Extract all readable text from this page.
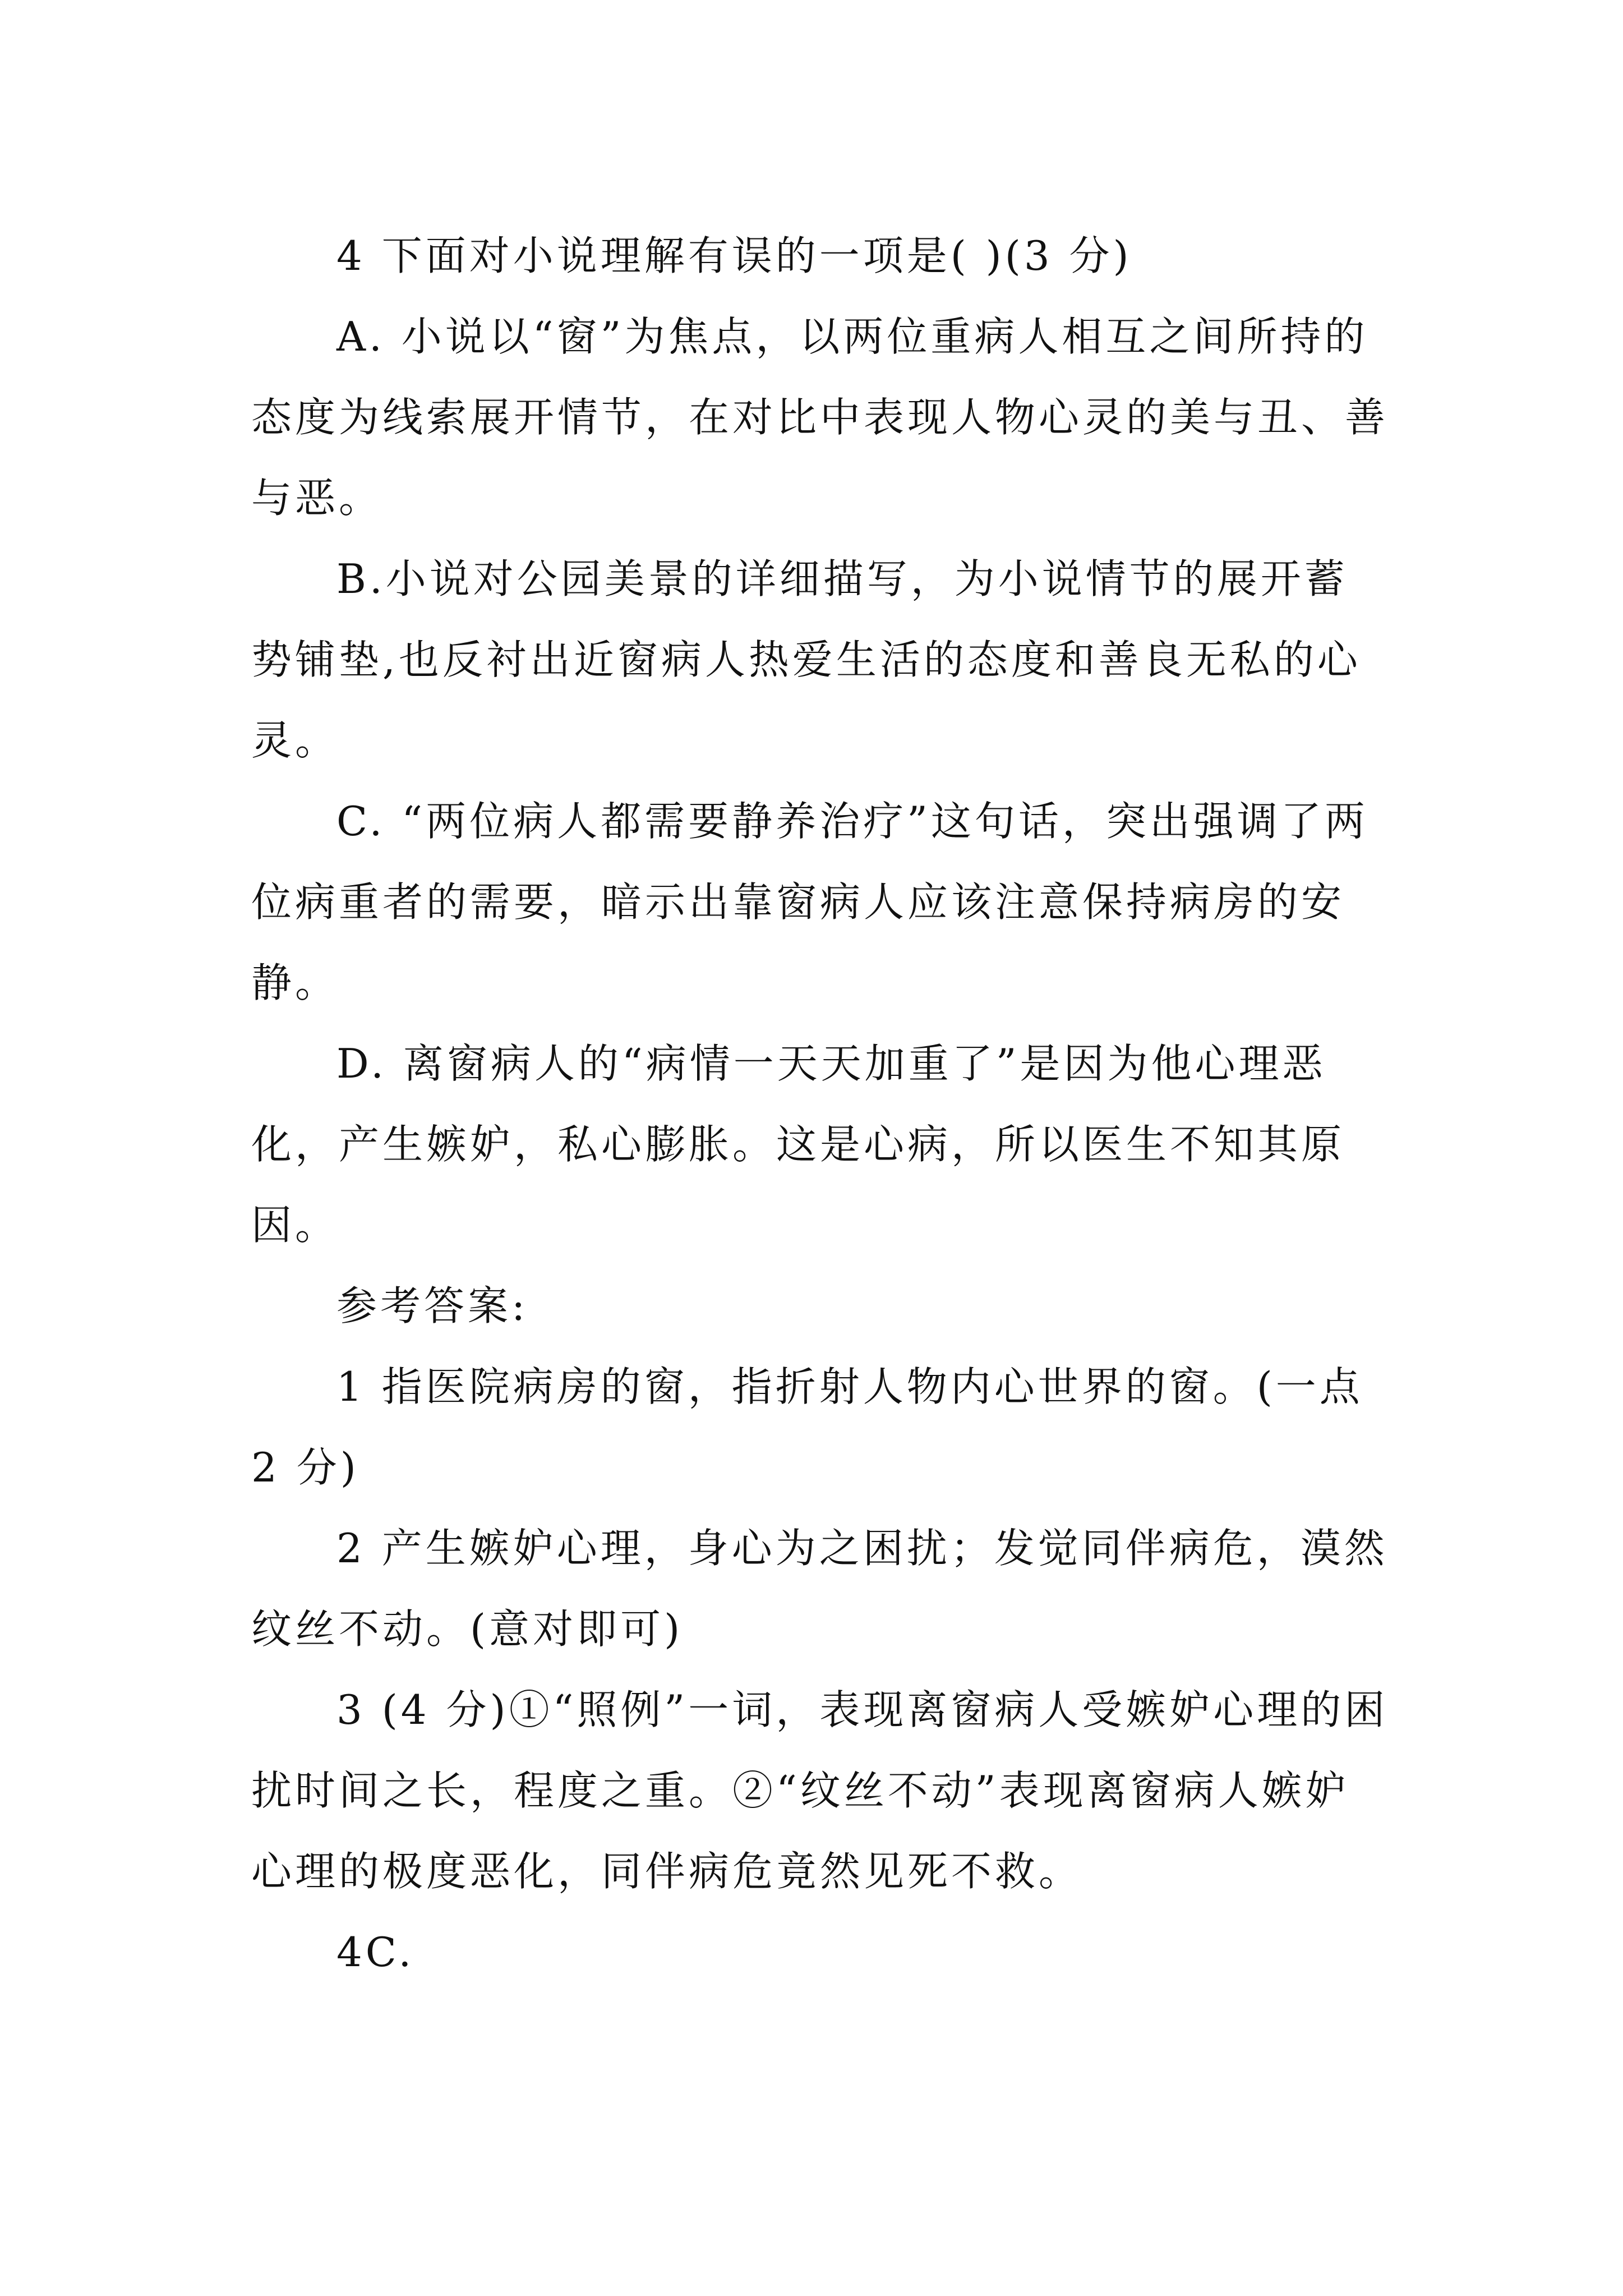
4 下面对小说理解有误的一项是( )(3 分)

A. 小说以“窗”为焦点，以两位重病人相互之间所持的态度为线索展开情节，在对比中表现人物心灵的美与丑、善与恶。

B.小说对公园美景的详细描写，为小说情节的展开蓄势铺垫,也反衬出近窗病人热爱生活的态度和善良无私的心灵。

C. “两位病人都需要静养治疗”这句话，突出强调了两位病重者的需要，暗示出靠窗病人应该注意保持病房的安静。

D. 离窗病人的“病情一天天加重了”是因为他心理恶化，产生嫉妒，私心膨胀。这是心病，所以医生不知其原因。

参考答案:

1 指医院病房的窗，指折射人物内心世界的窗。(一点 2 分)

2 产生嫉妒心理，身心为之困扰；发觉同伴病危，漠然纹丝不动。(意对即可)

3 (4 分)①“照例”一词，表现离窗病人受嫉妒心理的困扰时间之长，程度之重。②“纹丝不动”表现离窗病人嫉妒心理的极度恶化，同伴病危竟然见死不救。

4C.
